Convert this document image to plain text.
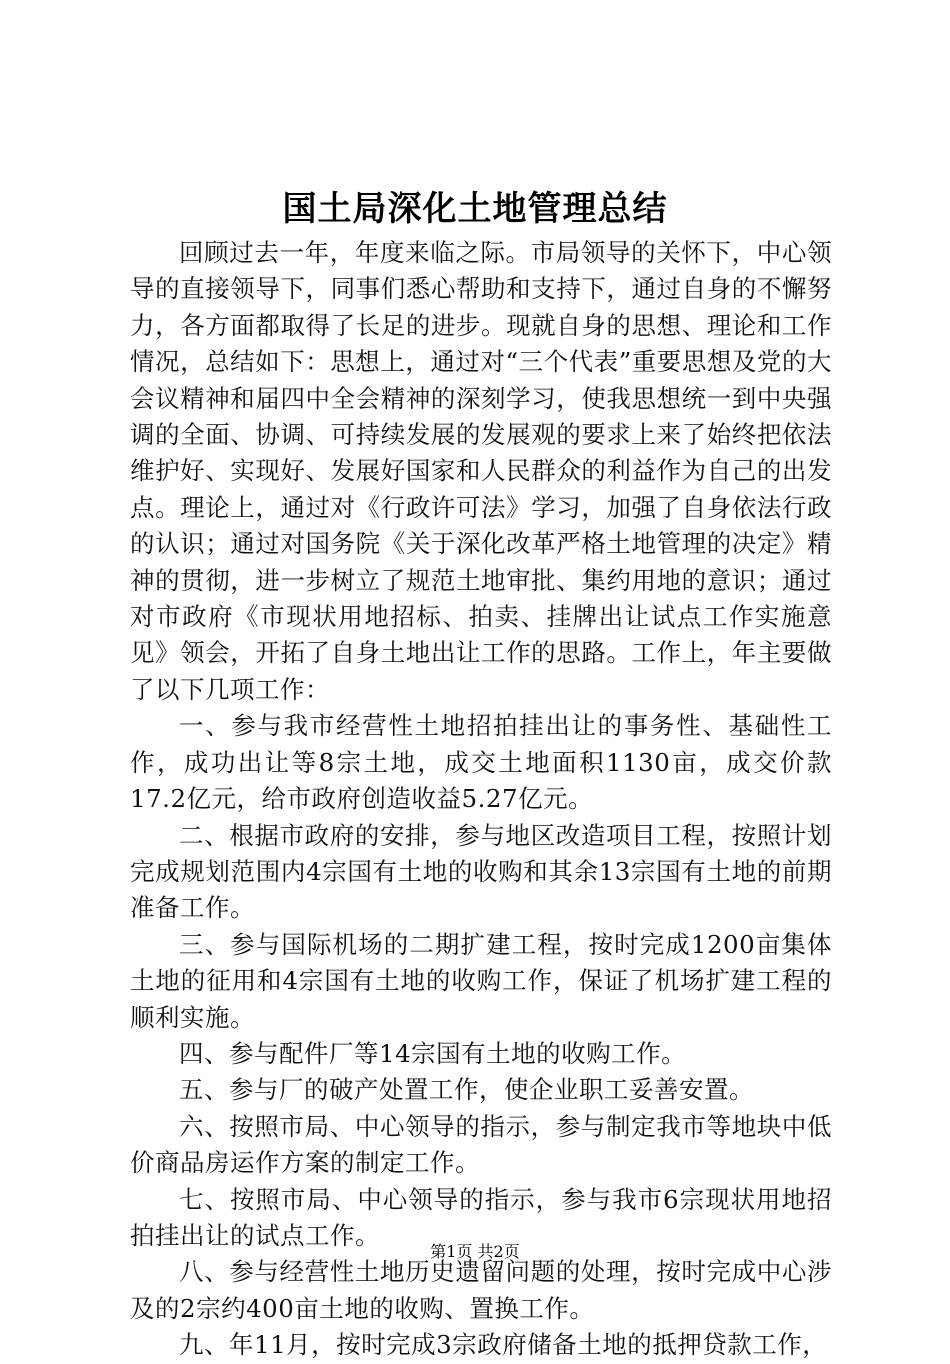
国土局深化土地管理总结

回顾过去一年，年度来临之际。市局领导的关怀下，中心领导的直接领导下，同事们悉心帮助和支持下，通过自身的不懈努力，各方面都取得了长足的进步。现就自身的思想、理论和工作情况，总结如下：思想上，通过对“三个代表”重要思想及党的大会议精神和届四中全会精神的深刻学习，使我思想统一到中央强调的全面、协调、可持续发展的发展观的要求上来了始终把依法维护好、实现好、发展好国家和人民群众的利益作为自己的出发点。理论上，通过对《行政许可法》学习，加强了自身依法行政的认识；通过对国务院《关于深化改革严格土地管理的决定》精神的贯彻，进一步树立了规范土地审批、集约用地的意识；通过对市政府《市现状用地招标、拍卖、挂牌出让试点工作实施意见》领会，开拓了自身土地出让工作的思路。工作上，年主要做了以下几项工作：

一、参与我市经营性土地招拍挂出让的事务性、基础性工作，成功出让等8宗土地，成交土地面积1130亩，成交价款17.2亿元，给市政府创造收益5.27亿元。

二、根据市政府的安排，参与地区改造项目工程，按照计划完成规划范围内4宗国有土地的收购和其余13宗国有土地的前期准备工作。

三、参与国际机场的二期扩建工程，按时完成1200亩集体土地的征用和4宗国有土地的收购工作，保证了机场扩建工程的顺利实施。

四、参与配件厂等14宗国有土地的收购工作。

五、参与厂的破产处置工作，使企业职工妥善安置。

六、按照市局、中心领导的指示，参与制定我市等地块中低价商品房运作方案的制定工作。

七、按照市局、中心领导的指示，参与我市6宗现状用地招拍挂出让的试点工作。

八、参与经营性土地历史遗留问题的处理，按时完成中心涉及的2宗约400亩土地的收购、置换工作。

九、年11月，按时完成3宗政府储备土地的抵押贷款工作，

第1页 共2页
